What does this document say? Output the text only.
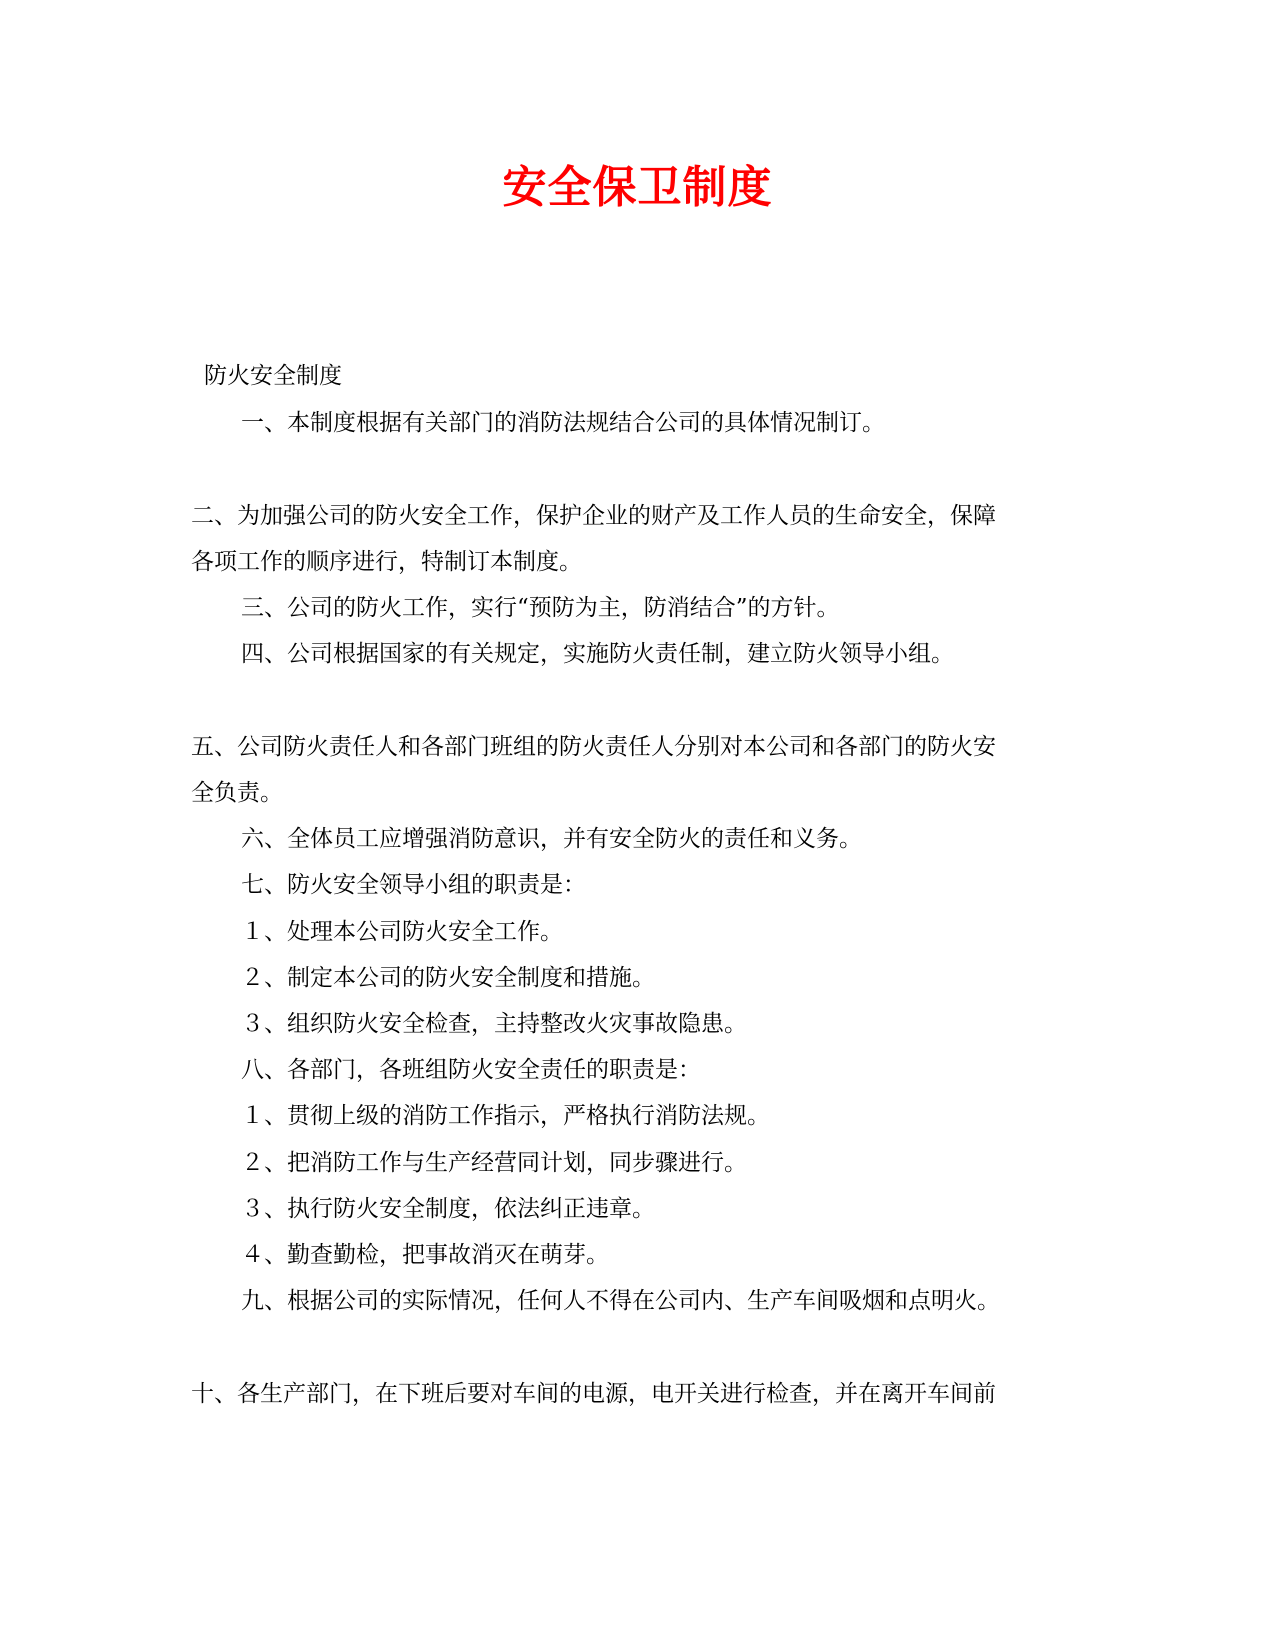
安全保卫制度
防火安全制度
一、本制度根据有关部门的消防法规结合公司的具体情况制订。
二、为加强公司的防火安全工作，保护企业的财产及工作人员的生命安全，保障
各项工作的顺序进行，特制订本制度。
三、公司的防火工作，实行“预防为主，防消结合”的方针。
四、公司根据国家的有关规定，实施防火责任制，建立防火领导小组。
五、公司防火责任人和各部门班组的防火责任人分别对本公司和各部门的防火安
全负责。
六、全体员工应增强消防意识，并有安全防火的责任和义务。
七、防火安全领导小组的职责是：
１、处理本公司防火安全工作。
２、制定本公司的防火安全制度和措施。
３、组织防火安全检查，主持整改火灾事故隐患。
八、各部门，各班组防火安全责任的职责是：
１、贯彻上级的消防工作指示，严格执行消防法规。
２、把消防工作与生产经营同计划，同步骤进行。
３、执行防火安全制度，依法纠正违章。
４、勤查勤检，把事故消灭在萌芽。
九、根据公司的实际情况，任何人不得在公司内、生产车间吸烟和点明火。
十、各生产部门，在下班后要对车间的电源，电开关进行检查，并在离开车间前
